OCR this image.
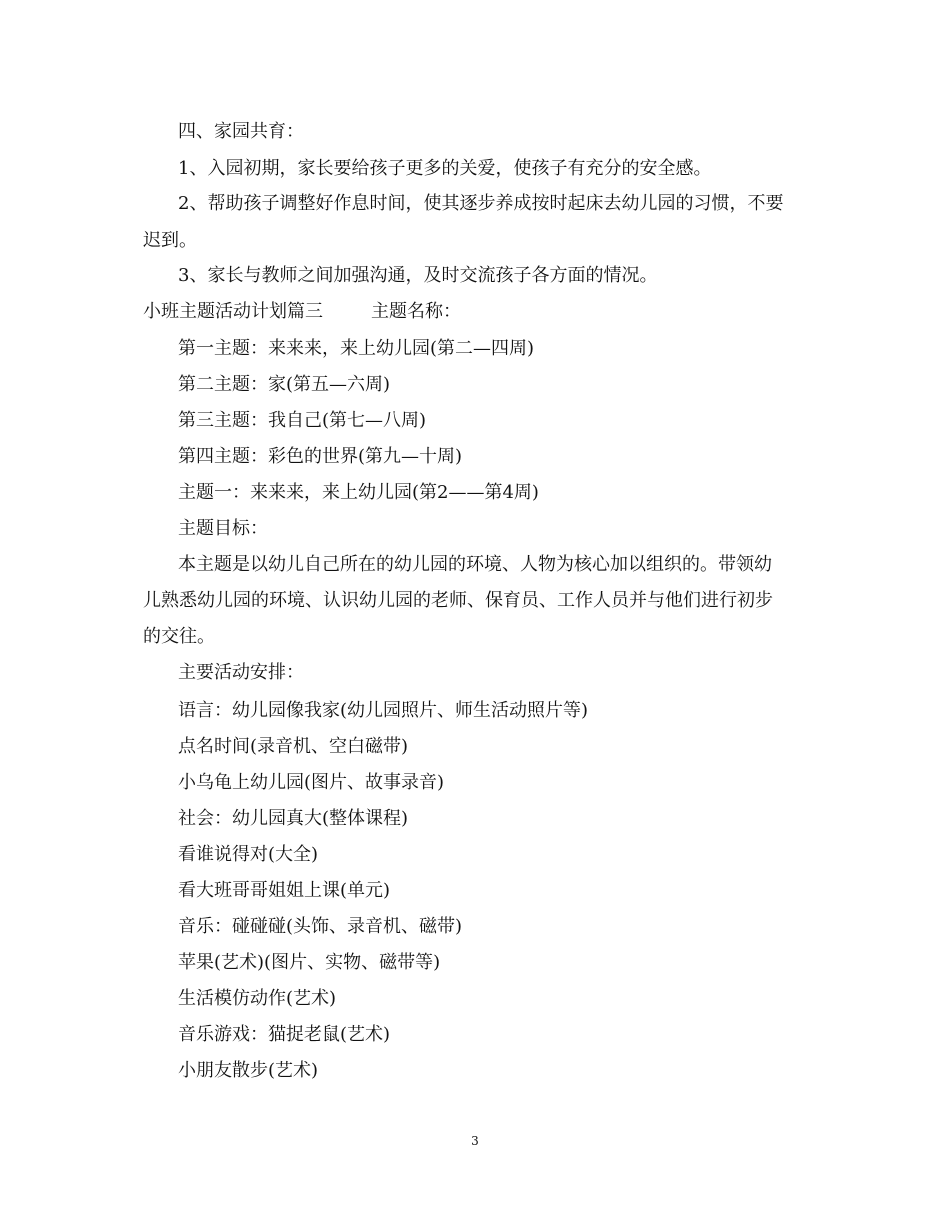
四、家园共育：
1、入园初期，家长要给孩子更多的关爱，使孩子有充分的安全感。
2、帮助孩子调整好作息时间，使其逐步养成按时起床去幼儿园的习惯，不要
迟到。
3、家长与教师之间加强沟通，及时交流孩子各方面的情况。
小班主题活动计划篇三	主题名称：
第一主题：来来来，来上幼儿园(第二—四周)
第二主题：家(第五—六周)
第三主题：我自己(第七—八周)
第四主题：彩色的世界(第九—十周)
主题一：来来来，来上幼儿园(第2——第4周)
主题目标：
本主题是以幼儿自己所在的幼儿园的环境、人物为核心加以组织的。带领幼
儿熟悉幼儿园的环境、认识幼儿园的老师、保育员、工作人员并与他们进行初步
的交往。
主要活动安排：
语言：幼儿园像我家(幼儿园照片、师生活动照片等)
点名时间(录音机、空白磁带)
小乌龟上幼儿园(图片、故事录音)
社会：幼儿园真大(整体课程)
看谁说得对(大全)
看大班哥哥姐姐上课(单元)
音乐：碰碰碰(头饰、录音机、磁带)
苹果(艺术)(图片、实物、磁带等)
生活模仿动作(艺术)
音乐游戏：猫捉老鼠(艺术)
小朋友散步(艺术)
3
